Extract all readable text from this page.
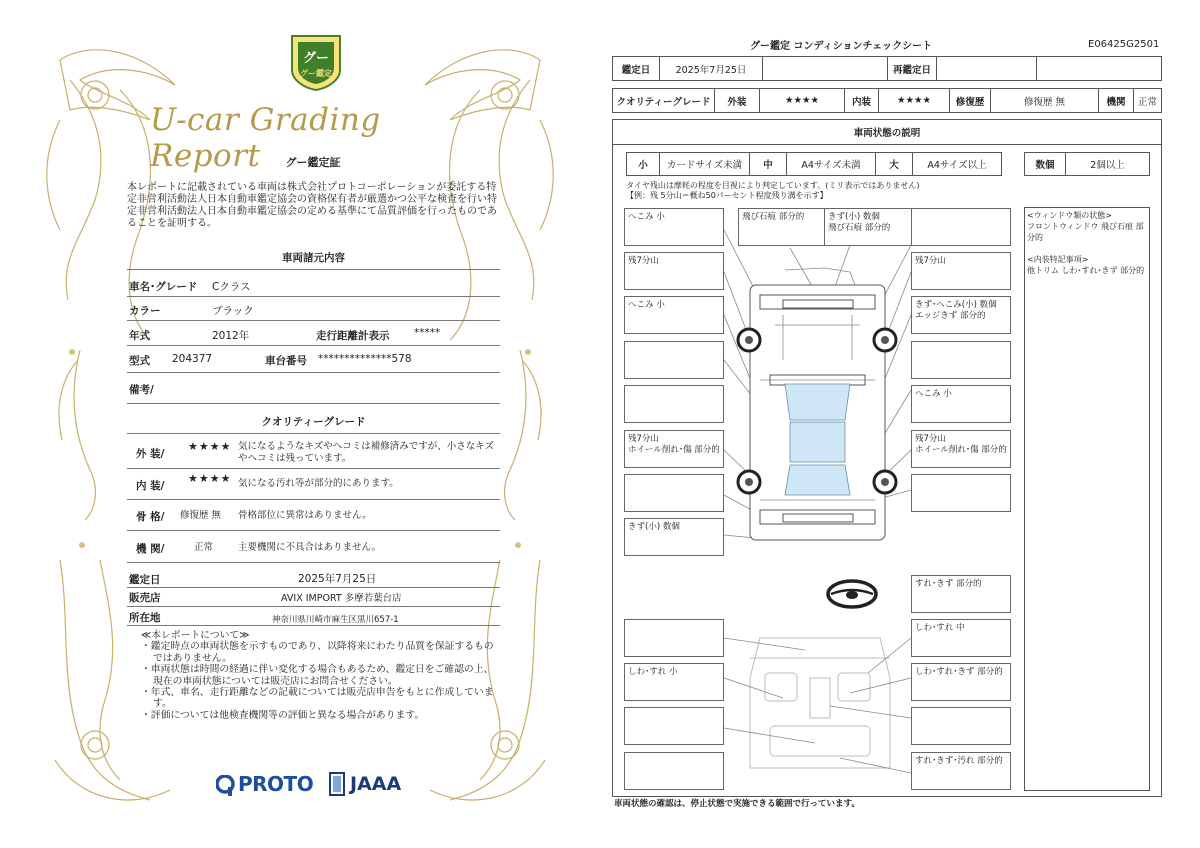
グー
グー鑑定
U-car Grading Report	グー鑑定証
本レポートに記載されている車両は株式会社プロトコーポレーションが委託する特定非営利活動法人日本自動車鑑定協会の資格保有者が厳選かつ公平な検査を行い特定非営利活動法人日本自動車鑑定協会の定める基準にて品質評価を行ったものであることを証明する。
車両諸元内容
車名･グレード Cクラス
カラー	ブラック
年式	2012年	走行距離計表示 *****
型式 204377	車台番号 **************578
備考/
クオリティーグレード
外 装/
★★★★ 気になるようなキズやヘコミは補修済みですが、小さなキズやヘコミは残っています。
内 装/
★★★★ 気になる汚れ等が部分的にあります。
骨 格/ 修復歴 無 骨格部位に異常はありません。
機 関/	正常	主要機関に不具合はありません。
鑑定日	2025年7月25日
販売店	AVIX IMPORT 多摩若葉台店
所在地	神奈川県川崎市麻生区黒川657-1
≪本レポートについて≫
・鑑定時点の車両状態を示すものであり、以降将来にわたり品質を保証するものではありません。
・車両状態は時間の経過に伴い変化する場合もあるため、鑑定日をご確認の上、現在の車両状態については販売店にお問合せください。
・年式、車名、走行距離などの記載については販売店申告をもとに作成しています。
・評価については他検査機関等の評価と異なる場合があります。
PROTO JAAA
グー鑑定 コンディションチェックシート	E06425G2501
鑑定日	2025年7月25日	再鑑定日
クオリティーグレード	外装	★★★★	内装	★★★★	修復歴	修復歴 無	機関	正常
車両状態の説明
小	カードサイズ未満	中	A4サイズ未満	大	A4サイズ以上	数個	2個以上
タイヤ残山は摩耗の程度を目視により判定しています。(ミリ表示ではありません)
【例：残 5分山＝概ね50パーセント程度残り溝を示す】
<ウィンドウ類の状態>
フロントウィンドウ 飛び石痕 部分的
<内装特記事項>
他トリム しわ･すれ･きず 部分的
へこみ 小	飛び石痕 部分的	きず(小) 数個
飛び石痕 部分的
残7分山	残7分山
へこみ 小	きず･へこみ(小) 数個
エッジきず 部分的
へこみ 小
残7分山
ホイール削れ･傷 部分的
残7分山
ホイール削れ･傷 部分的
きず(小) 数個
すれ･きず 部分的
しわ･すれ 中
しわ･すれ 小	しわ･すれ･きず 部分的
すれ･きず･汚れ 部分的
車両状態の確認は、停止状態で実施できる範囲で行っています。
